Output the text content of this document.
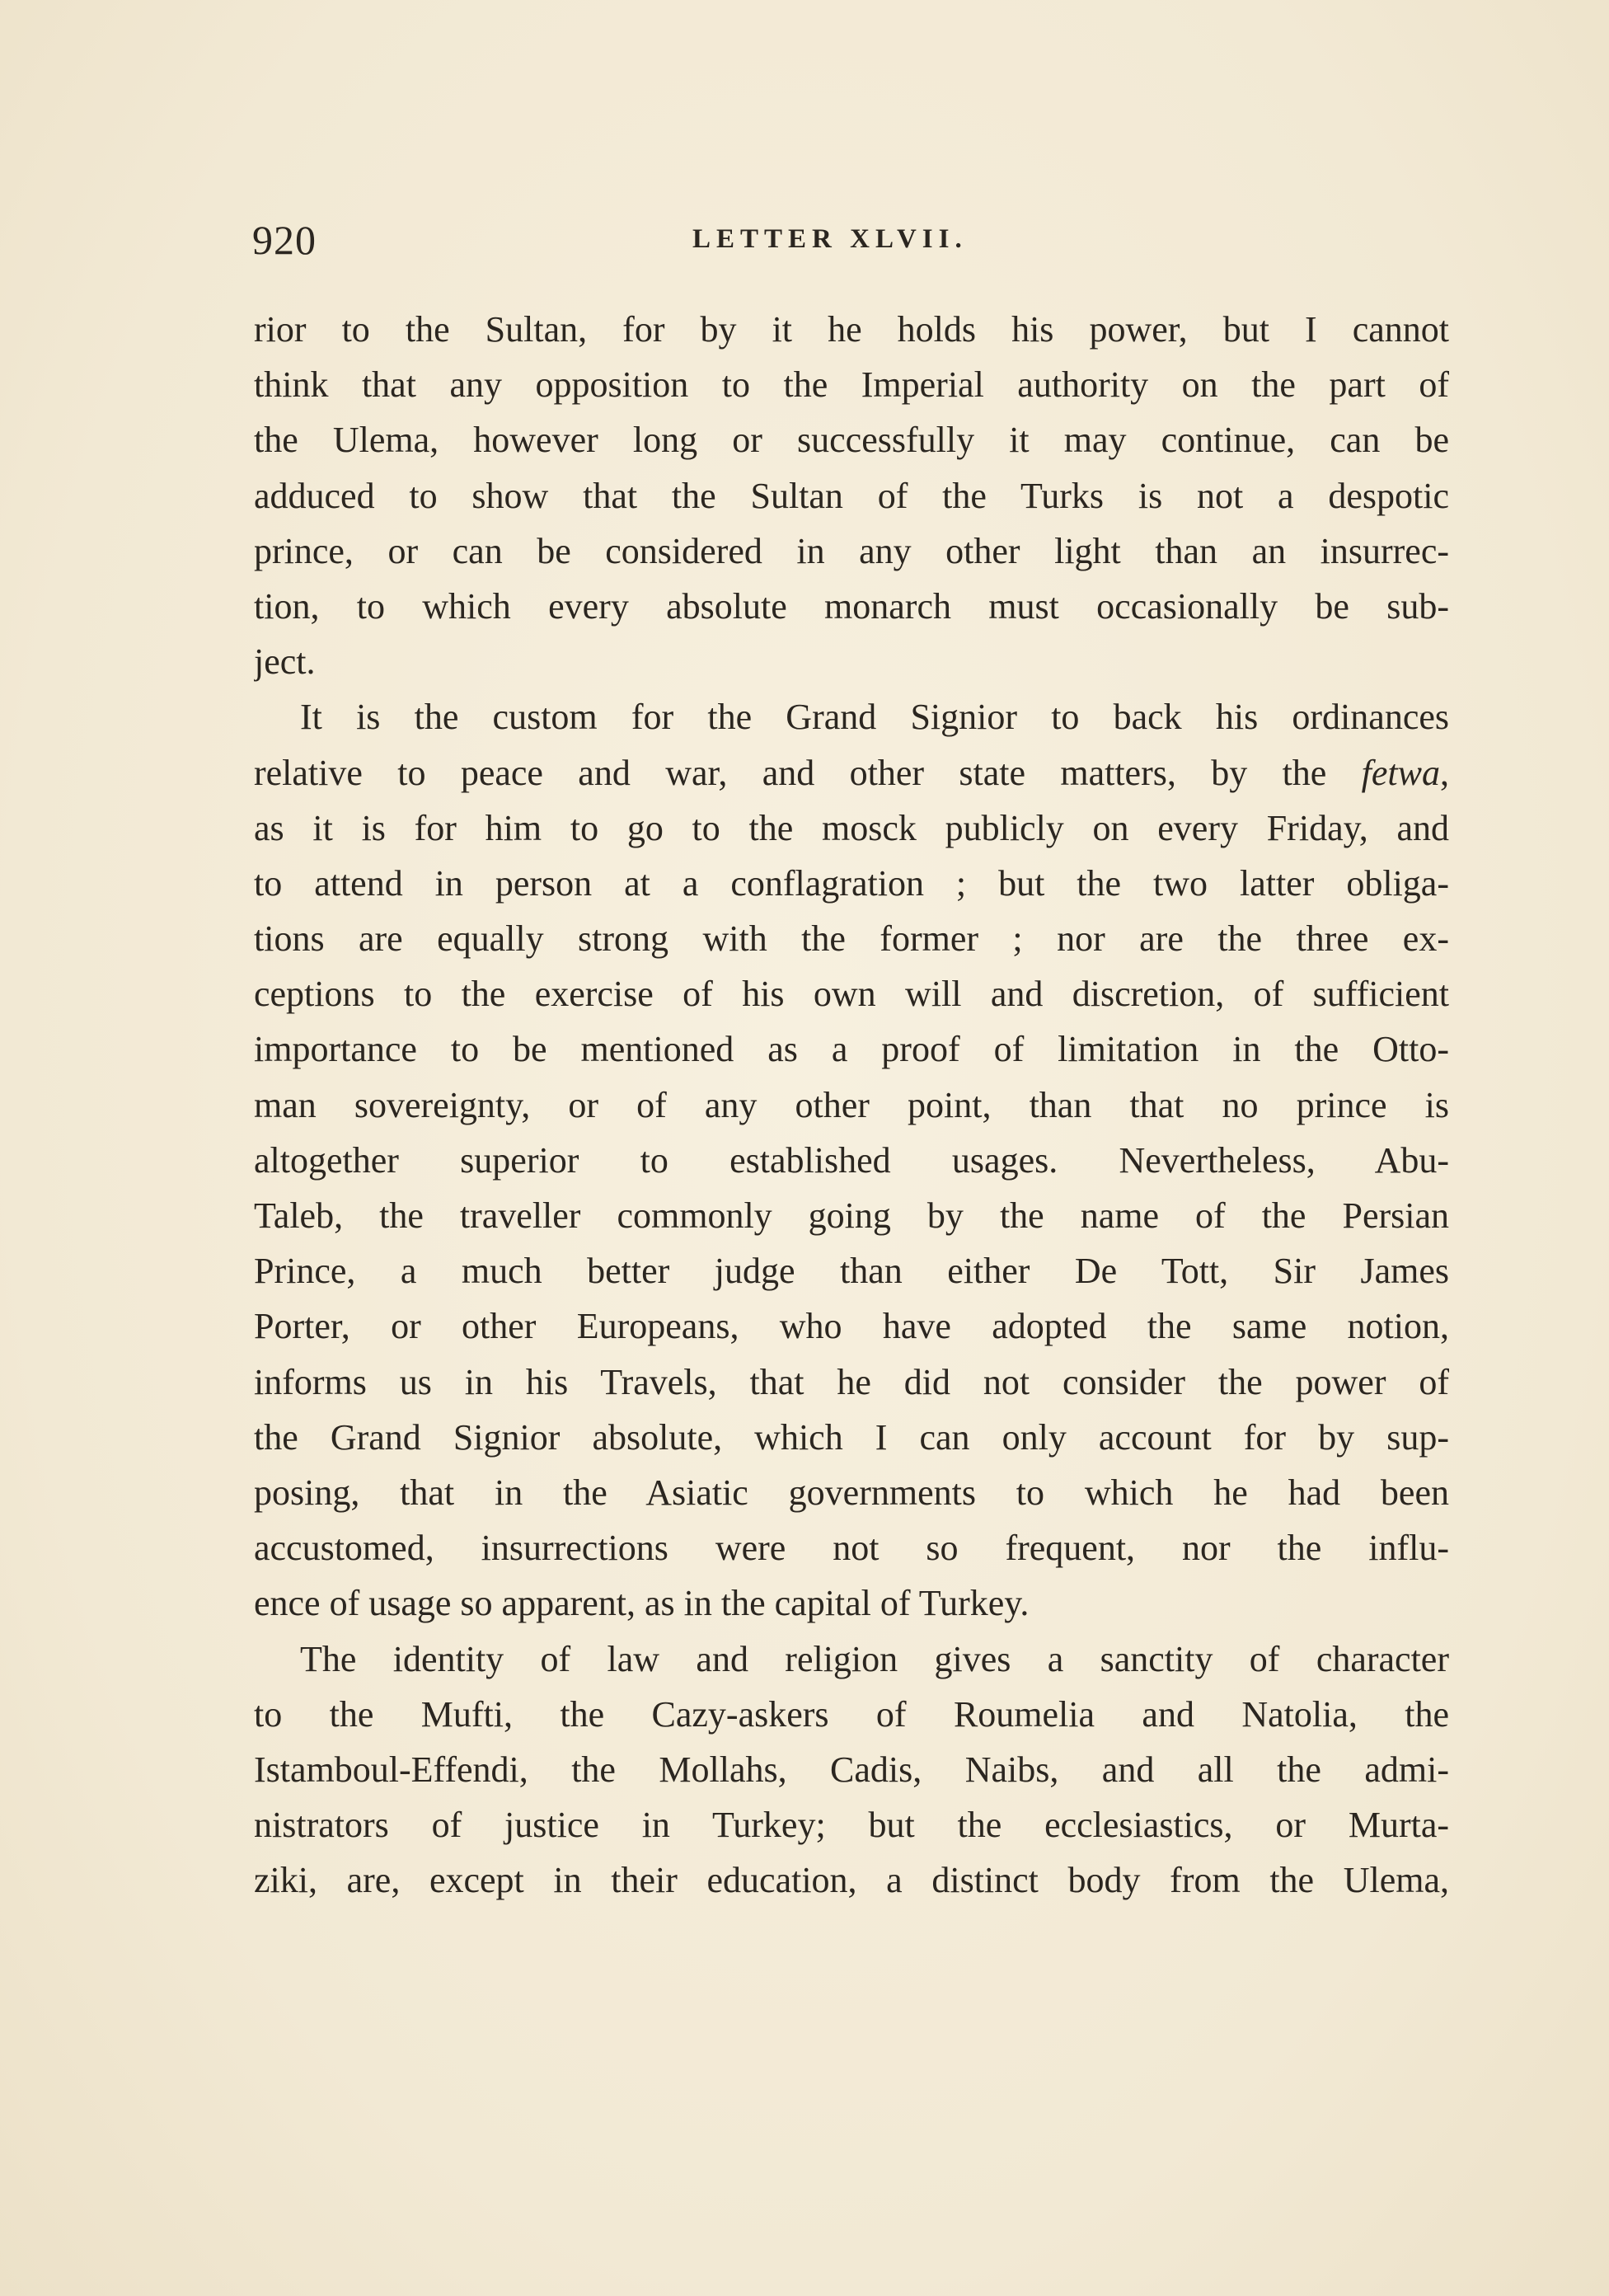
920	LETTER XLVII.
rior to the Sultan, for by it he holds his power, but I cannot
think that any opposition to the Imperial authority on the part of
the Ulema, however long or successfully it may continue, can be
adduced to show that the Sultan of the Turks is not a despotic
prince, or can be considered in any other light than an insurrec-
tion, to which every absolute monarch must occasionally be sub-
ject.
It is the custom for the Grand Signior to back his ordinances
relative to peace and war, and other state matters, by the fetwa,
as it is for him to go to the mosck publicly on every Friday, and
to attend in person at a conflagration ; but the two latter obliga-
tions are equally strong with the former ; nor are the three ex-
ceptions to the exercise of his own will and discretion, of sufficient
importance to be mentioned as a proof of limitation in the Otto-
man sovereignty, or of any other point, than that no prince is
altogether superior to established usages. Nevertheless, Abu-
Taleb, the traveller commonly going by the name of the Persian
Prince, a much better judge than either De Tott, Sir James
Porter, or other Europeans, who have adopted the same notion,
informs us in his Travels, that he did not consider the power of
the Grand Signior absolute, which I can only account for by sup-
posing, that in the Asiatic governments to which he had been
accustomed, insurrections were not so frequent, nor the influ-
ence of usage so apparent, as in the capital of Turkey.
The identity of law and religion gives a sanctity of character
to the Mufti, the Cazy-askers of Roumelia and Natolia, the
Istamboul-Effendi, the Mollahs, Cadis, Naibs, and all the admi-
nistrators of justice in Turkey; but the ecclesiastics, or Murta-
ziki, are, except in their education, a distinct body from the Ulema,
